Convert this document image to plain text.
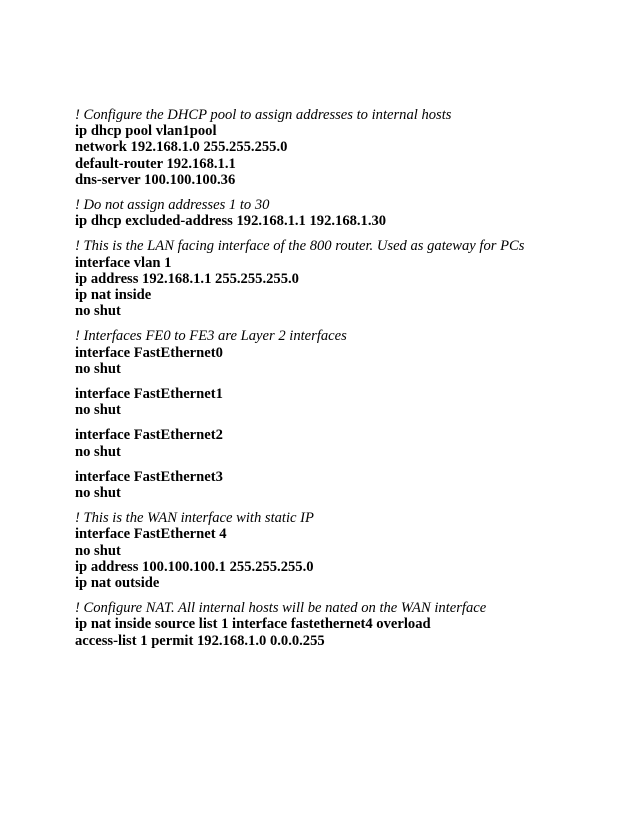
! Configure the DHCP pool to assign addresses to internal hosts
ip dhcp pool vlan1pool
network 192.168.1.0 255.255.255.0
default-router 192.168.1.1
dns-server 100.100.100.36
! Do not assign addresses 1 to 30
ip dhcp excluded-address 192.168.1.1 192.168.1.30
! This is the LAN facing interface of the 800 router. Used as gateway for PCs
interface vlan 1
ip address 192.168.1.1 255.255.255.0
ip nat inside
no shut
! Interfaces FE0 to FE3 are Layer 2 interfaces
interface FastEthernet0
no shut
interface FastEthernet1
no shut
interface FastEthernet2
no shut
interface FastEthernet3
no shut
! This is the WAN interface with static IP
interface FastEthernet 4
no shut
ip address 100.100.100.1 255.255.255.0
ip nat outside
! Configure NAT. All internal hosts will be nated on the WAN interface
ip nat inside source list 1 interface fastethernet4 overload
access-list 1 permit 192.168.1.0 0.0.0.255
